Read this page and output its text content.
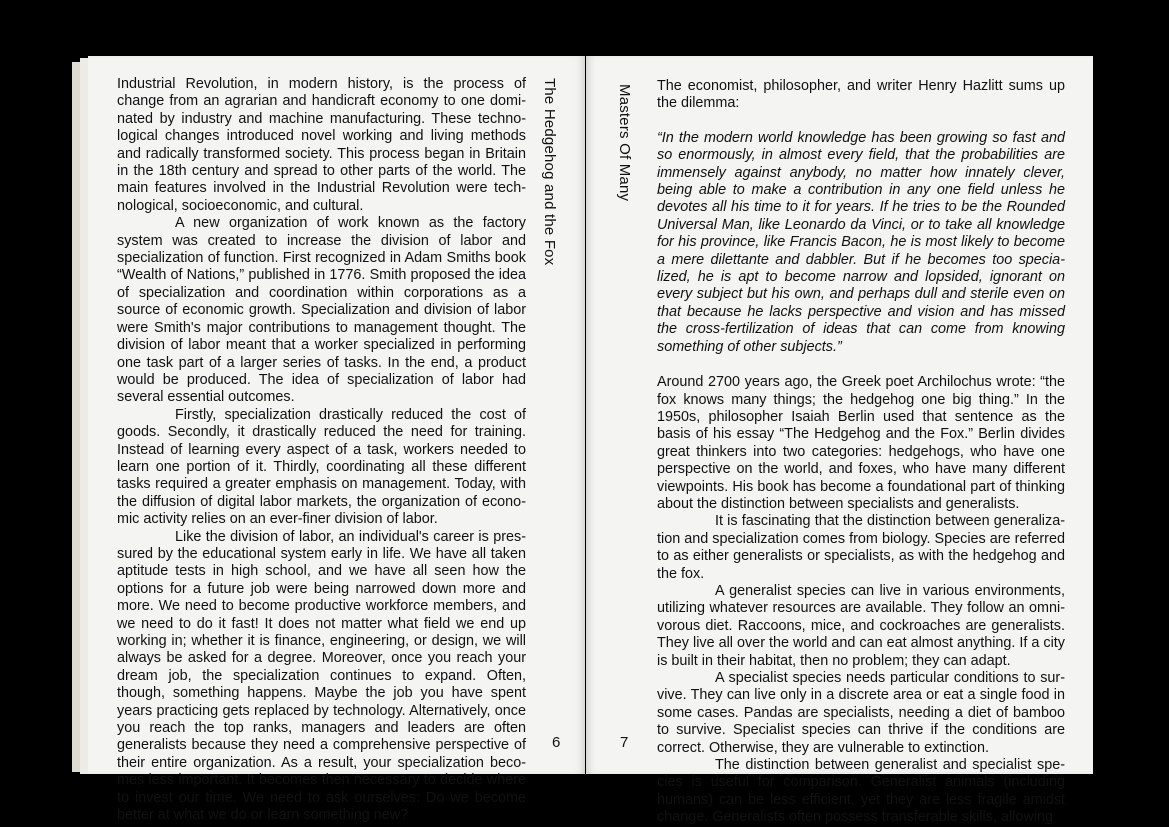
Industrial Revolution, in modern history, is the process of change from an agrarian and handicraft economy to one dominated by industry and machine manufacturing. These technological changes introduced novel working and living methods and radically transformed society. This process began in Britain in the 18th century and spread to other parts of the world. The main features involved in the Industrial Revolution were technological, socioeconomic, and cultural.

A new organization of work known as the factory system was created to increase the division of labor and specialization of function. First recognized in Adam Smiths book “Wealth of Nations,” published in 1776. Smith proposed the idea of specialization and coordination within corporations as a source of economic growth. Specialization and division of labor were Smith's major contributions to management thought. The division of labor meant that a worker specialized in performing one task part of a larger series of tasks. In the end, a product would be produced. The idea of specialization of labor had several essential outcomes.

Firstly, specialization drastically reduced the cost of goods. Secondly, it drastically reduced the need for training. Instead of learning every aspect of a task, workers needed to learn one portion of it. Thirdly, coordinating all these different tasks required a greater emphasis on management. Today, with the diffusion of digital labor markets, the organization of economic activity relies on an ever-finer division of labor.

Like the division of labor, an individual's career is pressured by the educational system early in life. We have all taken aptitude tests in high school, and we have all seen how the options for a future job were being narrowed down more and more. We need to become productive workforce members, and we need to do it fast! It does not matter what field we end up working in; whether it is finance, engineering, or design, we will always be asked for a degree. Moreover, once you reach your dream job, the specialization continues to expand. Often, though, something happens. Maybe the job you have spent years practicing gets replaced by technology. Alternatively, once you reach the top ranks, managers and leaders are often generalists because they need a comprehensive perspective of their entire organization. As a result, your specialization becomes less important. It becomes then necessary to decide where to invest our time. We need to ask ourselves: Do we become better at what we do or learn something new?

The Hedgehog and the Fox
6
Masters Of Many The economist, philosopher, and writer Henry Hazlitt sums up the dilemma:

“In the modern world knowledge has been growing so fast and so enormously, in almost every field, that the probabilities are immensely against anybody, no matter how innately clever, being able to make a contribution in any one field unless he devotes all his time to it for years. If he tries to be the Rounded Universal Man, like Leonardo da Vinci, or to take all knowledge for his province, like Francis Bacon, he is most likely to become a mere dilettante and dabbler. But if he becomes too specialized, he is apt to become narrow and lopsided, ignorant on every subject but his own, and perhaps dull and sterile even on that because he lacks perspective and vision and has missed the cross-fertilization of ideas that can come from knowing something of other subjects.”

Around 2700 years ago, the Greek poet Archilochus wrote: “the fox knows many things; the hedgehog one big thing.” In the 1950s, philosopher Isaiah Berlin used that sentence as the basis of his essay “The Hedgehog and the Fox.” Berlin divides great thinkers into two categories: hedgehogs, who have one perspective on the world, and foxes, who have many different viewpoints. His book has become a foundational part of thinking about the distinction between specialists and generalists.

It is fascinating that the distinction between generalization and specialization comes from biology. Species are referred to as either generalists or specialists, as with the hedgehog and the fox.

A generalist species can live in various environments, utilizing whatever resources are available. They follow an omnivorous diet. Raccoons, mice, and cockroaches are generalists. They live all over the world and can eat almost anything. If a city is built in their habitat, then no problem; they can adapt.

A specialist species needs particular conditions to survive. They can live only in a discrete area or eat a single food in some cases. Pandas are specialists, needing a diet of bamboo to survive. Specialist species can thrive if the conditions are correct. Otherwise, they are vulnerable to extinction.

The distinction between generalist and specialist species is useful for comparison. Generalist animals (including humans) can be less efficient, yet they are less fragile amidst change. Generalists often possess transferable skills, allowing

7
